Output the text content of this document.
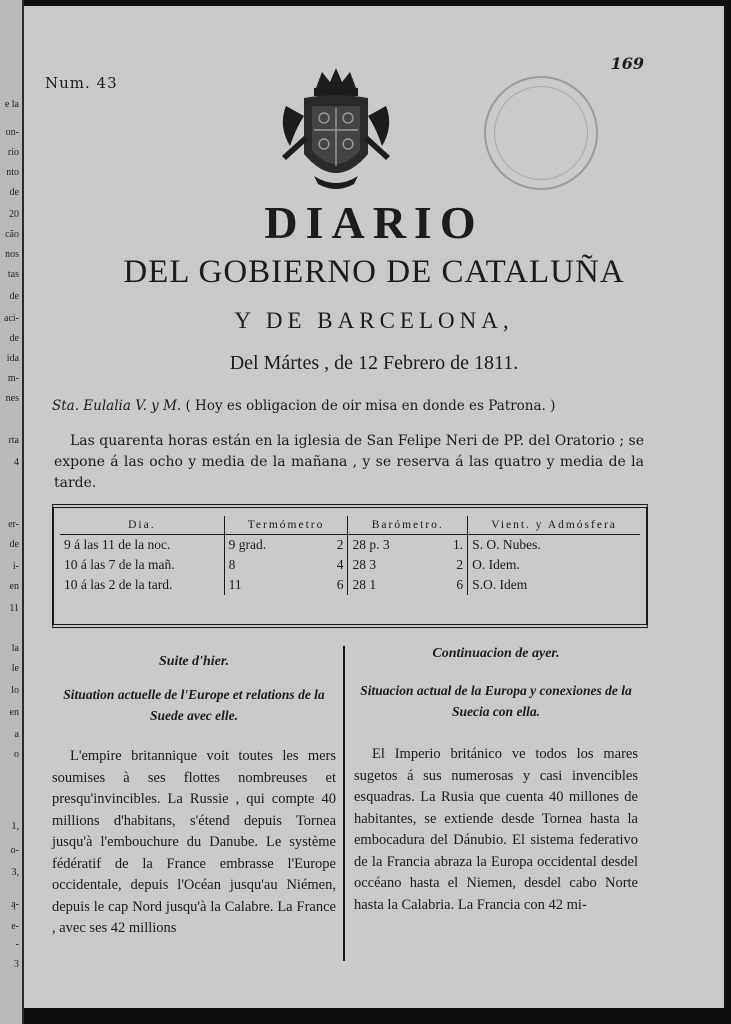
e la
on-
rio
nto
de
20
cão
nos
tas
de
aci-
de
ida
m-
nes
rta
4
er-
de
i-
en
11
la
le
lo
en
a
o
1,
o-
3,
ą-
e-
-
3
Num. 43
169
DIARIO
DEL GOBIERNO DE CATALUÑA
Y DE BARCELONA,
Del Mártes , de 12 Febrero de 1811.
Sta. Eulalia V. y M. ( Hoy es obligacion de oir misa en donde es Patrona. )
Las quarenta horas están en la iglesia de San Felipe Neri de PP. del Oratorio ; se expone á las ocho y media de la mañana , y se reserva á las quatro y media de la tarde.
Dia.	Termómetro	Barómetro.	Vient. y Admósfera
9 á las 11 de la noc.	9 grad. 2	28 p. 3 1.	S. O. Nubes.
10 á las 7 de la mañ.	8 4	28 3 2	O. Idem.
10 á las 2 de la tard.	11 6	28 1 6	S.O. Idem
Suite d'hier.
Situation actuelle de l'Europe et relations de la Suede avec elle.
L'empire britannique voit toutes les mers soumises à ses flottes nombreuses et presqu'invincibles. La Russie , qui compte 40 millions d'habitans, s'étend depuis Tornea jusqu'à l'embouchure du Danube. Le système fédératif de la France embrasse l'Europe occidentale, depuis l'Océan jusqu'au Niémen, depuis le cap Nord jusqu'à la Calabre. La France , avec ses 42 millions
Continuacion de ayer.
Situacion actual de la Europa y conexiones de la Suecia con ella.
El Imperio británico ve todos los mares sugetos á sus numerosas y casi invencibles esquadras. La Rusia que cuenta 40 millones de habitantes, se extiende desde Tornea hasta la embocadura del Dánubio. El sistema federativo de la Francia abraza la Europa occidental desdel occéano hasta el Niemen, desdel cabo Norte hasta la Calabria. La Francia con 42 mi-
